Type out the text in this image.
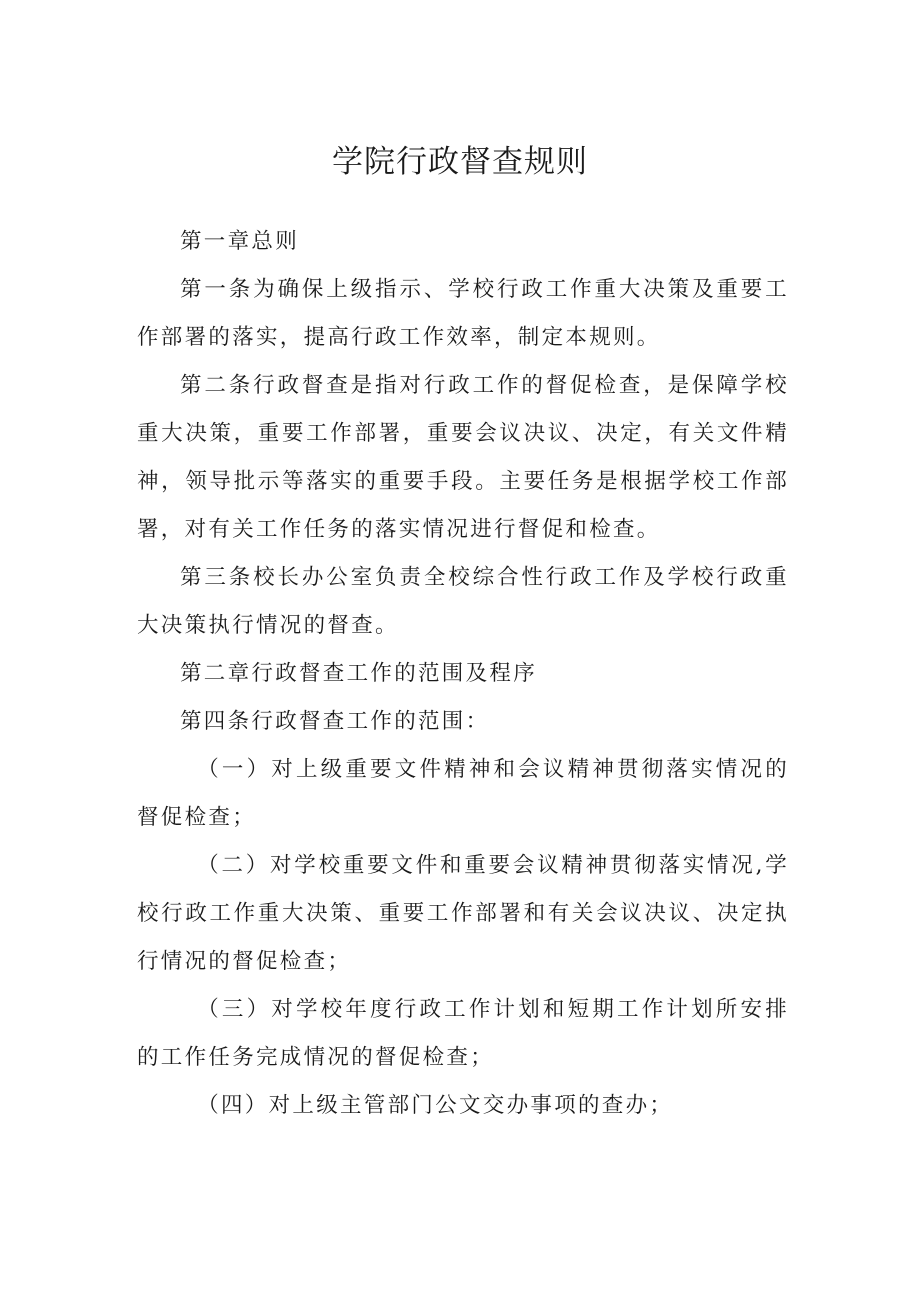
学院行政督查规则

第一章总则

第一条为确保上级指示、学校行政工作重大决策及重要工作部署的落实，提高行政工作效率，制定本规则。

第二条行政督查是指对行政工作的督促检查，是保障学校重大决策，重要工作部署，重要会议决议、决定，有关文件精神，领导批示等落实的重要手段。主要任务是根据学校工作部署，对有关工作任务的落实情况进行督促和检查。

第三条校长办公室负责全校综合性行政工作及学校行政重大决策执行情况的督查。

第二章行政督查工作的范围及程序

第四条行政督查工作的范围：

（一）对上级重要文件精神和会议精神贯彻落实情况的督促检查；

（二）对学校重要文件和重要会议精神贯彻落实情况,学校行政工作重大决策、重要工作部署和有关会议决议、决定执行情况的督促检查；

（三）对学校年度行政工作计划和短期工作计划所安排的工作任务完成情况的督促检查；

（四）对上级主管部门公文交办事项的查办；
